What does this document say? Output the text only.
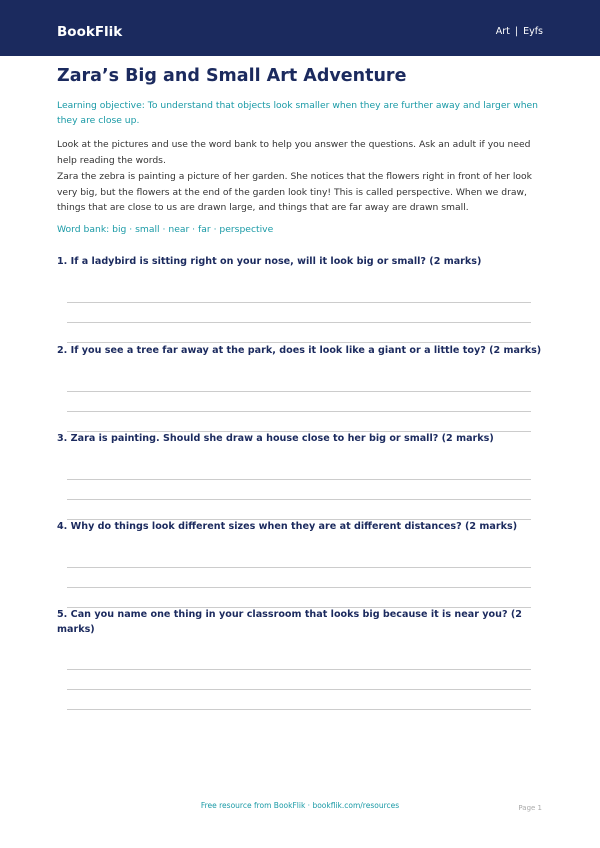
BookFlik	Art | Eyfs
Zara’s Big and Small Art Adventure

Learning objective: To understand that objects look smaller when they are further away and larger when they are close up.

Look at the pictures and use the word bank to help you answer the questions. Ask an adult if you need help reading the words.

Zara the zebra is painting a picture of her garden. She notices that the flowers right in front of her look very big, but the flowers at the end of the garden look tiny! This is called perspective. When we draw, things that are close to us are drawn large, and things that are far away are drawn small.

Word bank: big · small · near · far · perspective

1. If a ladybird is sitting right on your nose, will it look big or small? (2 marks)

2. If you see a tree far away at the park, does it look like a giant or a little toy? (2 marks)

3. Zara is painting. Should she draw a house close to her big or small? (2 marks)

4. Why do things look different sizes when they are at different distances? (2 marks)

5. Can you name one thing in your classroom that looks big because it is near you? (2 marks)

Free resource from BookFlik · bookflik.com/resources	Page 1
